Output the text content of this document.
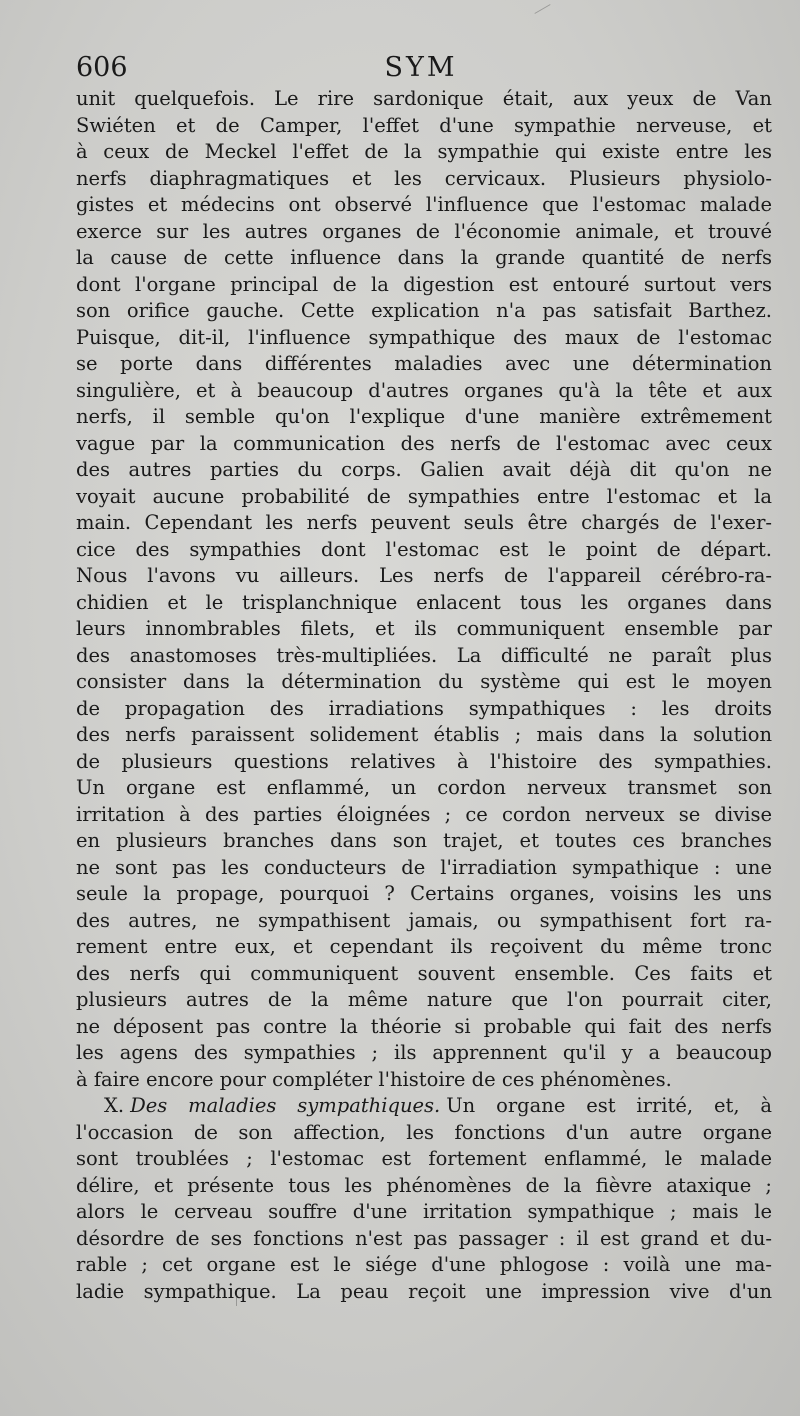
606	SYM
unit quelquefois. Le rire sardonique était, aux yeux de Van
Swiéten et de Camper, l'effet d'une sympathie nerveuse, et
à ceux de Meckel l'effet de la sympathie qui existe entre les
nerfs diaphragmatiques et les cervicaux. Plusieurs physiolo-
gistes et médecins ont observé l'influence que l'estomac malade
exerce sur les autres organes de l'économie animale, et trouvé
la cause de cette influence dans la grande quantité de nerfs
dont l'organe principal de la digestion est entouré surtout vers
son orifice gauche. Cette explication n'a pas satisfait Barthez.
Puisque, dit-il, l'influence sympathique des maux de l'estomac
se porte dans différentes maladies avec une détermination
singulière, et à beaucoup d'autres organes qu'à la tête et aux
nerfs, il semble qu'on l'explique d'une manière extrêmement
vague par la communication des nerfs de l'estomac avec ceux
des autres parties du corps. Galien avait déjà dit qu'on ne
voyait aucune probabilité de sympathies entre l'estomac et la
main. Cependant les nerfs peuvent seuls être chargés de l'exer-
cice des sympathies dont l'estomac est le point de départ.
Nous l'avons vu ailleurs. Les nerfs de l'appareil cérébro-ra-
chidien et le trisplanchnique enlacent tous les organes dans
leurs innombrables filets, et ils communiquent ensemble par
des anastomoses très-multipliées. La difficulté ne paraît plus
consister dans la détermination du système qui est le moyen
de propagation des irradiations sympathiques : les droits
des nerfs paraissent solidement établis ; mais dans la solution
de plusieurs questions relatives à l'histoire des sympathies.
Un organe est enflammé, un cordon nerveux transmet son
irritation à des parties éloignées ; ce cordon nerveux se divise
en plusieurs branches dans son trajet, et toutes ces branches
ne sont pas les conducteurs de l'irradiation sympathique : une
seule la propage, pourquoi ? Certains organes, voisins les uns
des autres, ne sympathisent jamais, ou sympathisent fort ra-
rement entre eux, et cependant ils reçoivent du même tronc
des nerfs qui communiquent souvent ensemble. Ces faits et
plusieurs autres de la même nature que l'on pourrait citer,
ne déposent pas contre la théorie si probable qui fait des nerfs
les agens des sympathies ; ils apprennent qu'il y a beaucoup
à faire encore pour compléter l'histoire de ces phénomènes.
X. Des maladies sympathiques. Un organe est irrité, et, à
l'occasion de son affection, les fonctions d'un autre organe
sont troublées ; l'estomac est fortement enflammé, le malade
délire, et présente tous les phénomènes de la fièvre ataxique ;
alors le cerveau souffre d'une irritation sympathique ; mais le
désordre de ses fonctions n'est pas passager : il est grand et du-
rable ; cet organe est le siége d'une phlogose : voilà une ma-
ladie sympathique. La peau reçoit une impression vive d'un
